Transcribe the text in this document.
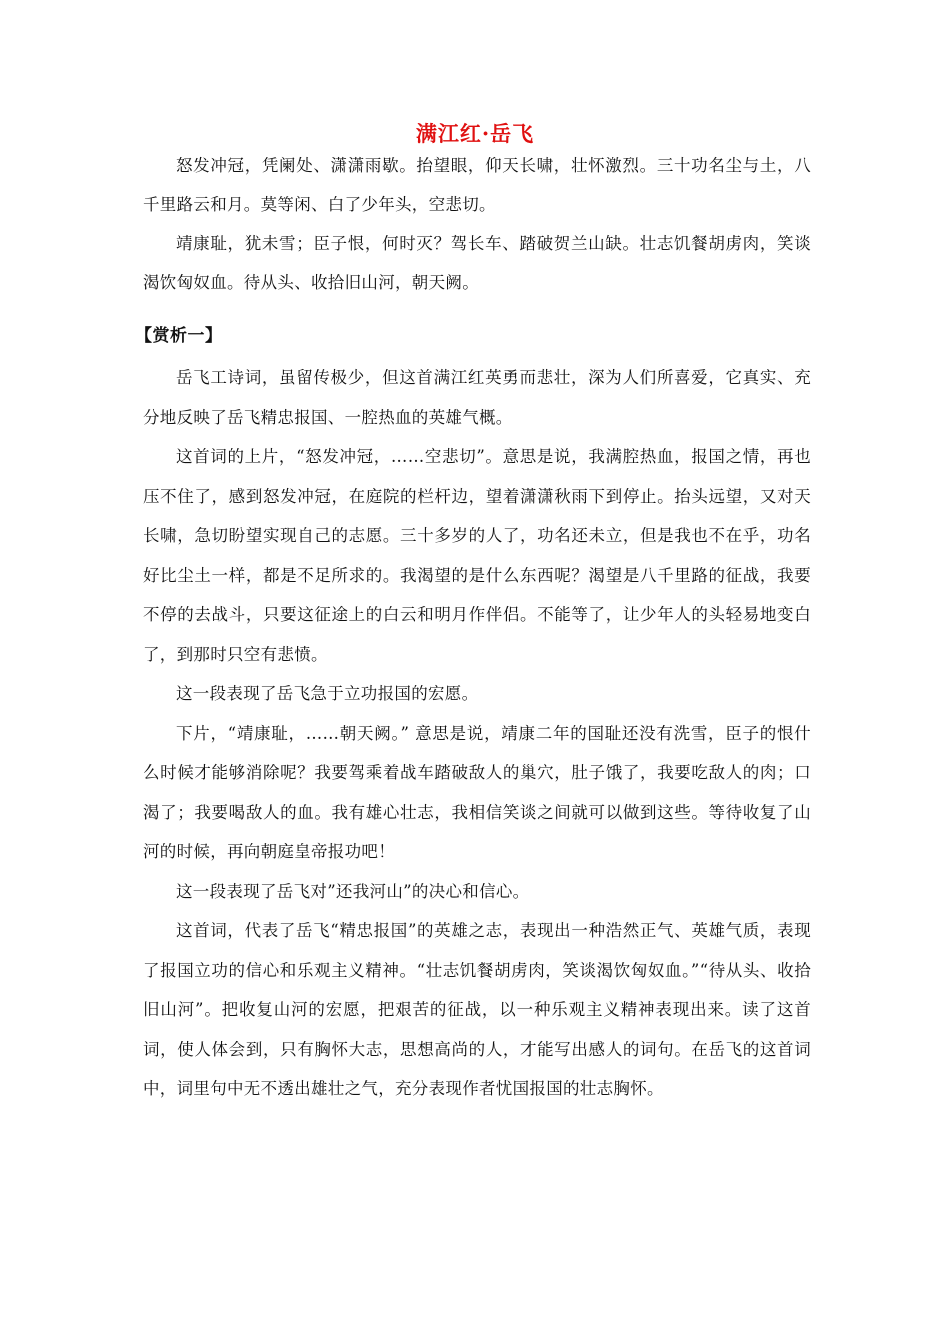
满江红·岳飞

怒发冲冠，凭阑处、潇潇雨歇。抬望眼，仰天长啸，壮怀激烈。三十功名尘与土，八千里路云和月。莫等闲、白了少年头，空悲切。

靖康耻，犹未雪；臣子恨，何时灭？驾长车、踏破贺兰山缺。壮志饥餐胡虏肉，笑谈渴饮匈奴血。待从头、收拾旧山河，朝天阙。

【赏析一】

岳飞工诗词，虽留传极少，但这首满江红英勇而悲壮，深为人们所喜爱，它真实、充分地反映了岳飞精忠报国、一腔热血的英雄气概。

这首词的上片，“怒发冲冠，……空悲切”。意思是说，我满腔热血，报国之情，再也压不住了，感到怒发冲冠，在庭院的栏杆边，望着潇潇秋雨下到停止。抬头远望，又对天长啸，急切盼望实现自己的志愿。三十多岁的人了，功名还未立，但是我也不在乎，功名好比尘土一样，都是不足所求的。我渴望的是什么东西呢？渴望是八千里路的征战，我要不停的去战斗，只要这征途上的白云和明月作伴侣。不能等了，让少年人的头轻易地变白了，到那时只空有悲愤。

这一段表现了岳飞急于立功报国的宏愿。

下片，“靖康耻，……朝天阙。” 意思是说，靖康二年的国耻还没有洗雪，臣子的恨什么时候才能够消除呢？我要驾乘着战车踏破敌人的巢穴，肚子饿了，我要吃敌人的肉；口渴了；我要喝敌人的血。我有雄心壮志，我相信笑谈之间就可以做到这些。等待收复了山河的时候，再向朝庭皇帝报功吧！

这一段表现了岳飞对”还我河山”的决心和信心。

这首词，代表了岳飞“精忠报国”的英雄之志，表现出一种浩然正气、英雄气质，表现了报国立功的信心和乐观主义精神。“壮志饥餐胡虏肉，笑谈渴饮匈奴血。”“待从头、收拾旧山河”。把收复山河的宏愿，把艰苦的征战，以一种乐观主义精神表现出来。读了这首词，使人体会到，只有胸怀大志，思想高尚的人，才能写出感人的词句。在岳飞的这首词中，词里句中无不透出雄壮之气，充分表现作者忧国报国的壮志胸怀。
